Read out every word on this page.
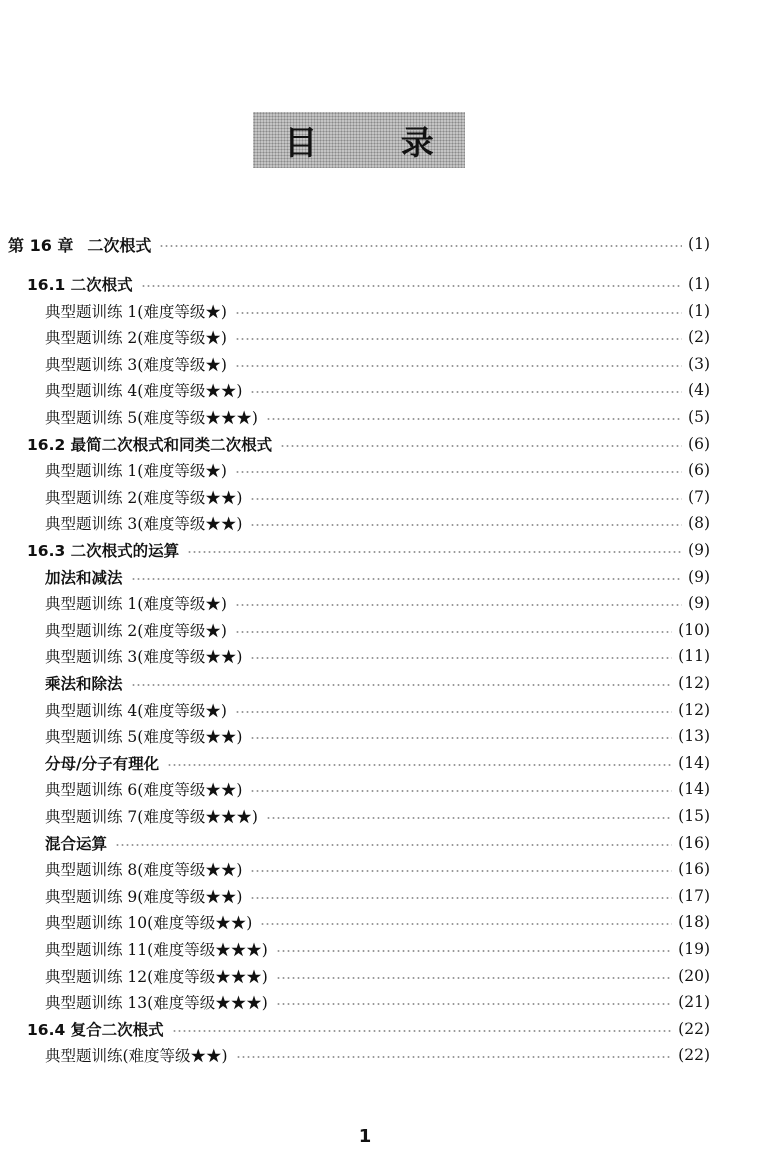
目 录
第 16 章 二次根式	(1)
16.1 二次根式	(1)
典型题训练 1(难度等级★)	(1)
典型题训练 2(难度等级★)	(2)
典型题训练 3(难度等级★)	(3)
典型题训练 4(难度等级★★)	(4)
典型题训练 5(难度等级★★★)	(5)
16.2 最简二次根式和同类二次根式	(6)
典型题训练 1(难度等级★)	(6)
典型题训练 2(难度等级★★)	(7)
典型题训练 3(难度等级★★)	(8)
16.3 二次根式的运算	(9)
加法和减法	(9)
典型题训练 1(难度等级★)	(9)
典型题训练 2(难度等级★)	(10)
典型题训练 3(难度等级★★)	(11)
乘法和除法	(12)
典型题训练 4(难度等级★)	(12)
典型题训练 5(难度等级★★)	(13)
分母/分子有理化	(14)
典型题训练 6(难度等级★★)	(14)
典型题训练 7(难度等级★★★)	(15)
混合运算	(16)
典型题训练 8(难度等级★★)	(16)
典型题训练 9(难度等级★★)	(17)
典型题训练 10(难度等级★★)	(18)
典型题训练 11(难度等级★★★)	(19)
典型题训练 12(难度等级★★★)	(20)
典型题训练 13(难度等级★★★)	(21)
16.4 复合二次根式	(22)
典型题训练(难度等级★★)	(22)
1
